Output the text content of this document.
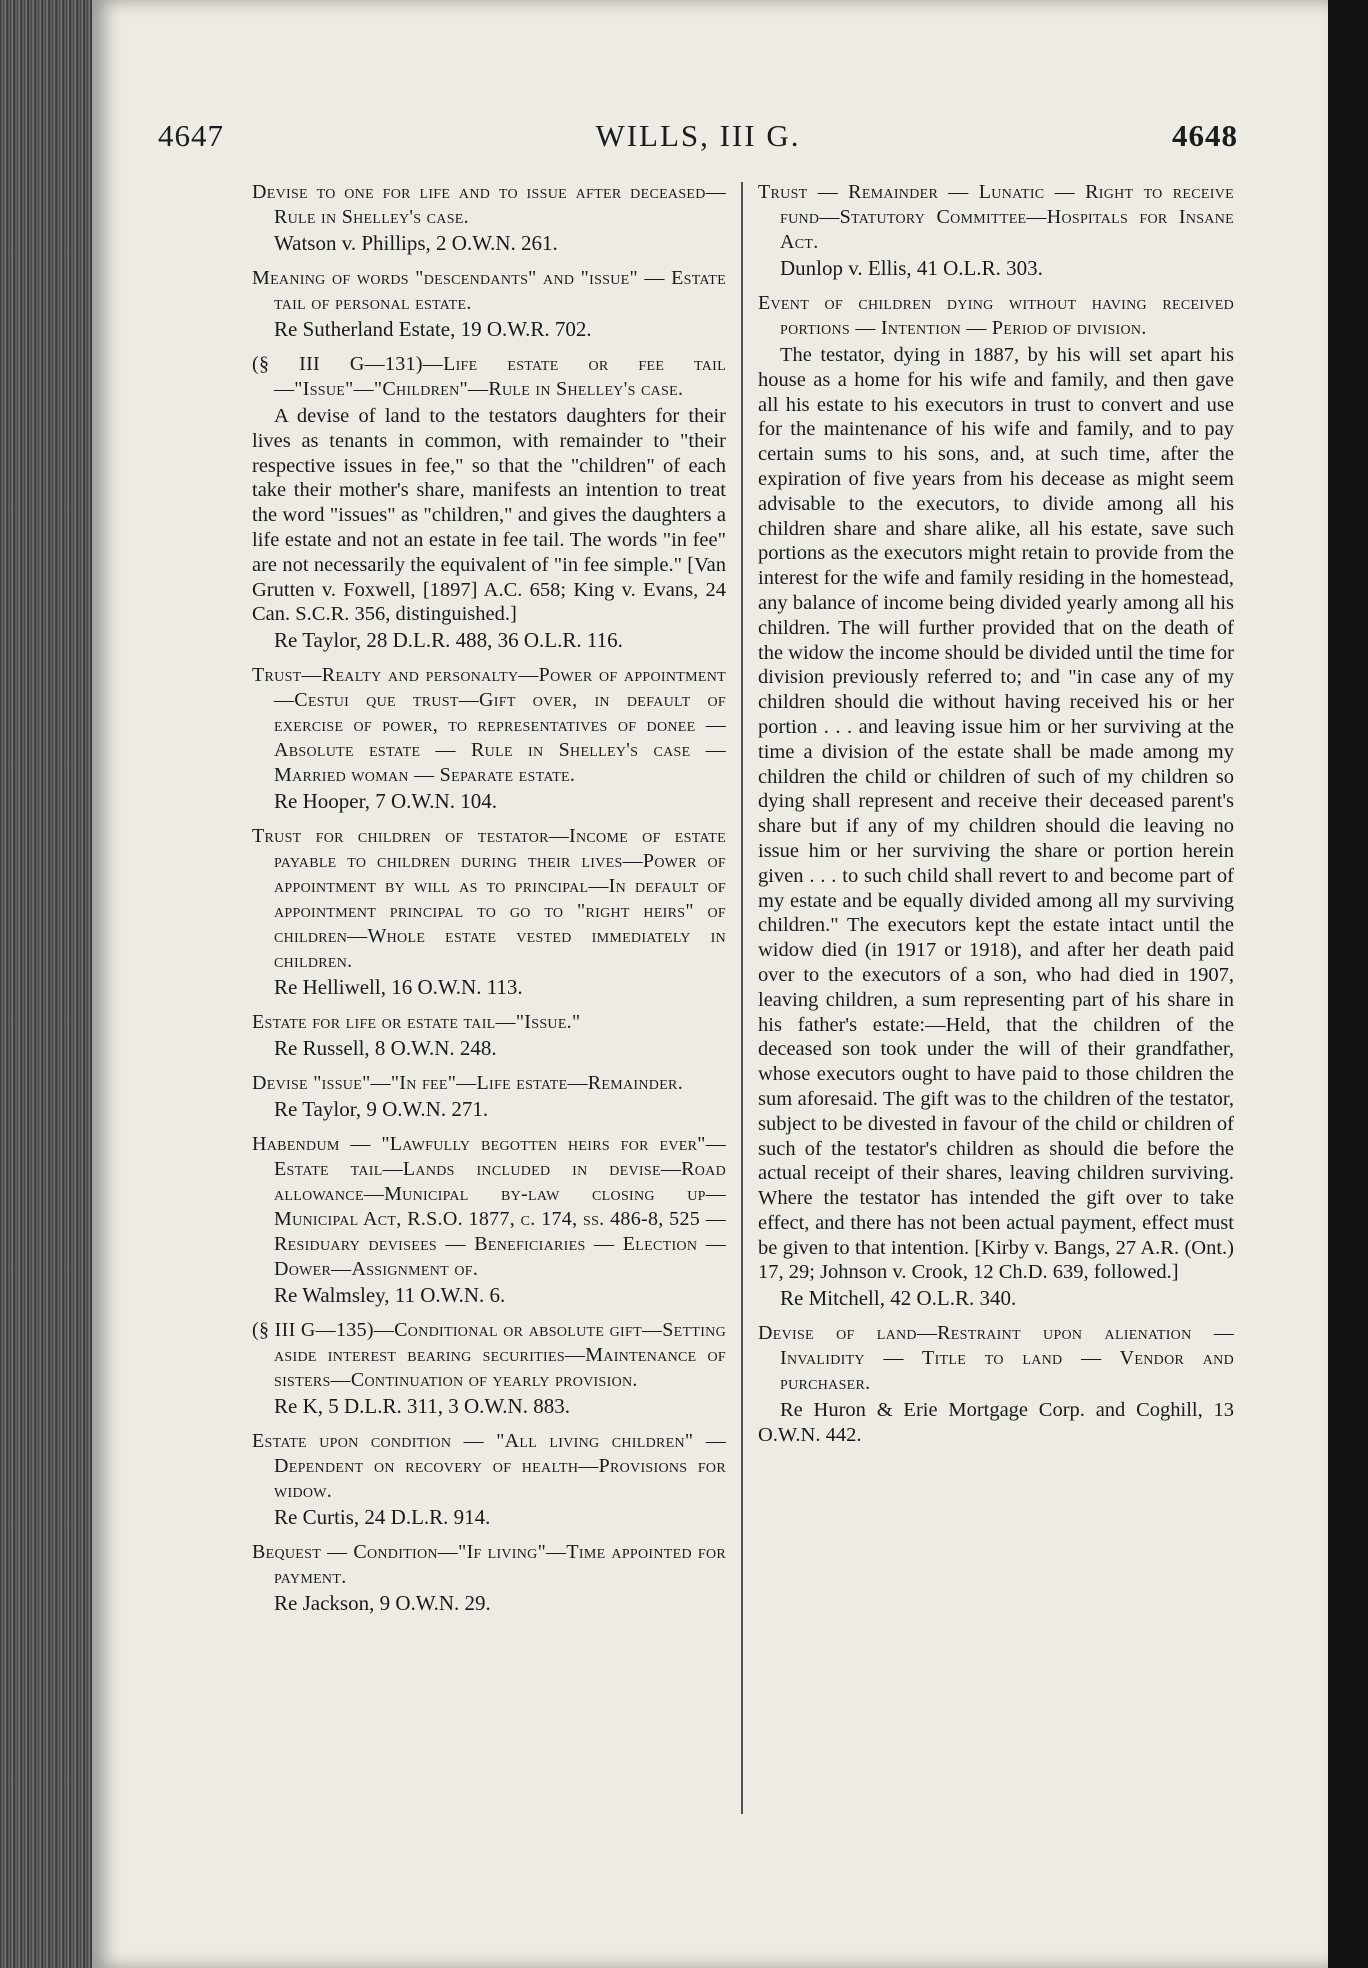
4647	WILLS, III G.	4648
Devise to one for life and to issue after deceased—Rule in Shelley's case.
Watson v. Phillips, 2 O.W.N. 261.
Meaning of words "descendants" and "issue" — Estate tail of personal estate.
Re Sutherland Estate, 19 O.W.R. 702.
(§ III G—131)—Life estate or fee tail—"Issue"—"Children"—Rule in Shelley's case.
A devise of land to the testators daughters for their lives as tenants in common, with remainder to "their respective issues in fee," so that the "children" of each take their mother's share, manifests an intention to treat the word "issues" as "children," and gives the daughters a life estate and not an estate in fee tail. The words "in fee" are not necessarily the equivalent of "in fee simple." [Van Grutten v. Foxwell, [1897] A.C. 658; King v. Evans, 24 Can. S.C.R. 356, distinguished.]
Re Taylor, 28 D.L.R. 488, 36 O.L.R. 116.
Trust—Realty and personalty—Power of appointment—Cestui que trust—Gift over, in default of exercise of power, to representatives of donee — Absolute estate — Rule in Shelley's case — Married woman — Separate estate.
Re Hooper, 7 O.W.N. 104.
Trust for children of testator—Income of estate payable to children during their lives—Power of appointment by will as to principal—In default of appointment principal to go to "right heirs" of children—Whole estate vested immediately in children.
Re Helliwell, 16 O.W.N. 113.
Estate for life or estate tail—"Issue."
Re Russell, 8 O.W.N. 248.
Devise "issue"—"In fee"—Life estate—Remainder.
Re Taylor, 9 O.W.N. 271.
Habendum — "Lawfully begotten heirs for ever"—Estate tail—Lands included in devise—Road allowance—Municipal by-law closing up—Municipal Act, R.S.O. 1877, c. 174, ss. 486-8, 525 — Residuary devisees — Beneficiaries — Election — Dower—Assignment of.
Re Walmsley, 11 O.W.N. 6.
(§ III G—135)—Conditional or absolute gift—Setting aside interest bearing securities—Maintenance of sisters—Continuation of yearly provision.
Re K, 5 D.L.R. 311, 3 O.W.N. 883.
Estate upon condition — "All living children" — Dependent on recovery of health—Provisions for widow.
Re Curtis, 24 D.L.R. 914.
Bequest — Condition—"If living"—Time appointed for payment.
Re Jackson, 9 O.W.N. 29.
Trust — Remainder — Lunatic — Right to receive fund—Statutory Committee—Hospitals for Insane Act.
Dunlop v. Ellis, 41 O.L.R. 303.
Event of children dying without having received portions — Intention — Period of division.
The testator, dying in 1887, by his will set apart his house as a home for his wife and family, and then gave all his estate to his executors in trust to convert and use for the maintenance of his wife and family, and to pay certain sums to his sons, and, at such time, after the expiration of five years from his decease as might seem advisable to the executors, to divide among all his children share and share alike, all his estate, save such portions as the executors might retain to provide from the interest for the wife and family residing in the homestead, any balance of income being divided yearly among all his children. The will further provided that on the death of the widow the income should be divided until the time for division previously referred to; and "in case any of my children should die without having received his or her portion . . . and leaving issue him or her surviving at the time a division of the estate shall be made among my children the child or children of such of my children so dying shall represent and receive their deceased parent's share but if any of my children should die leaving no issue him or her surviving the share or portion herein given . . . to such child shall revert to and become part of my estate and be equally divided among all my surviving children." The executors kept the estate intact until the widow died (in 1917 or 1918), and after her death paid over to the executors of a son, who had died in 1907, leaving children, a sum representing part of his share in his father's estate:—Held, that the children of the deceased son took under the will of their grandfather, whose executors ought to have paid to those children the sum aforesaid. The gift was to the children of the testator, subject to be divested in favour of the child or children of such of the testator's children as should die before the actual receipt of their shares, leaving children surviving. Where the testator has intended the gift over to take effect, and there has not been actual payment, effect must be given to that intention. [Kirby v. Bangs, 27 A.R. (Ont.) 17, 29; Johnson v. Crook, 12 Ch.D. 639, followed.]
Re Mitchell, 42 O.L.R. 340.
Devise of land—Restraint upon alienation — Invalidity — Title to land — Vendor and purchaser.
Re Huron & Erie Mortgage Corp. and Coghill, 13 O.W.N. 442.
